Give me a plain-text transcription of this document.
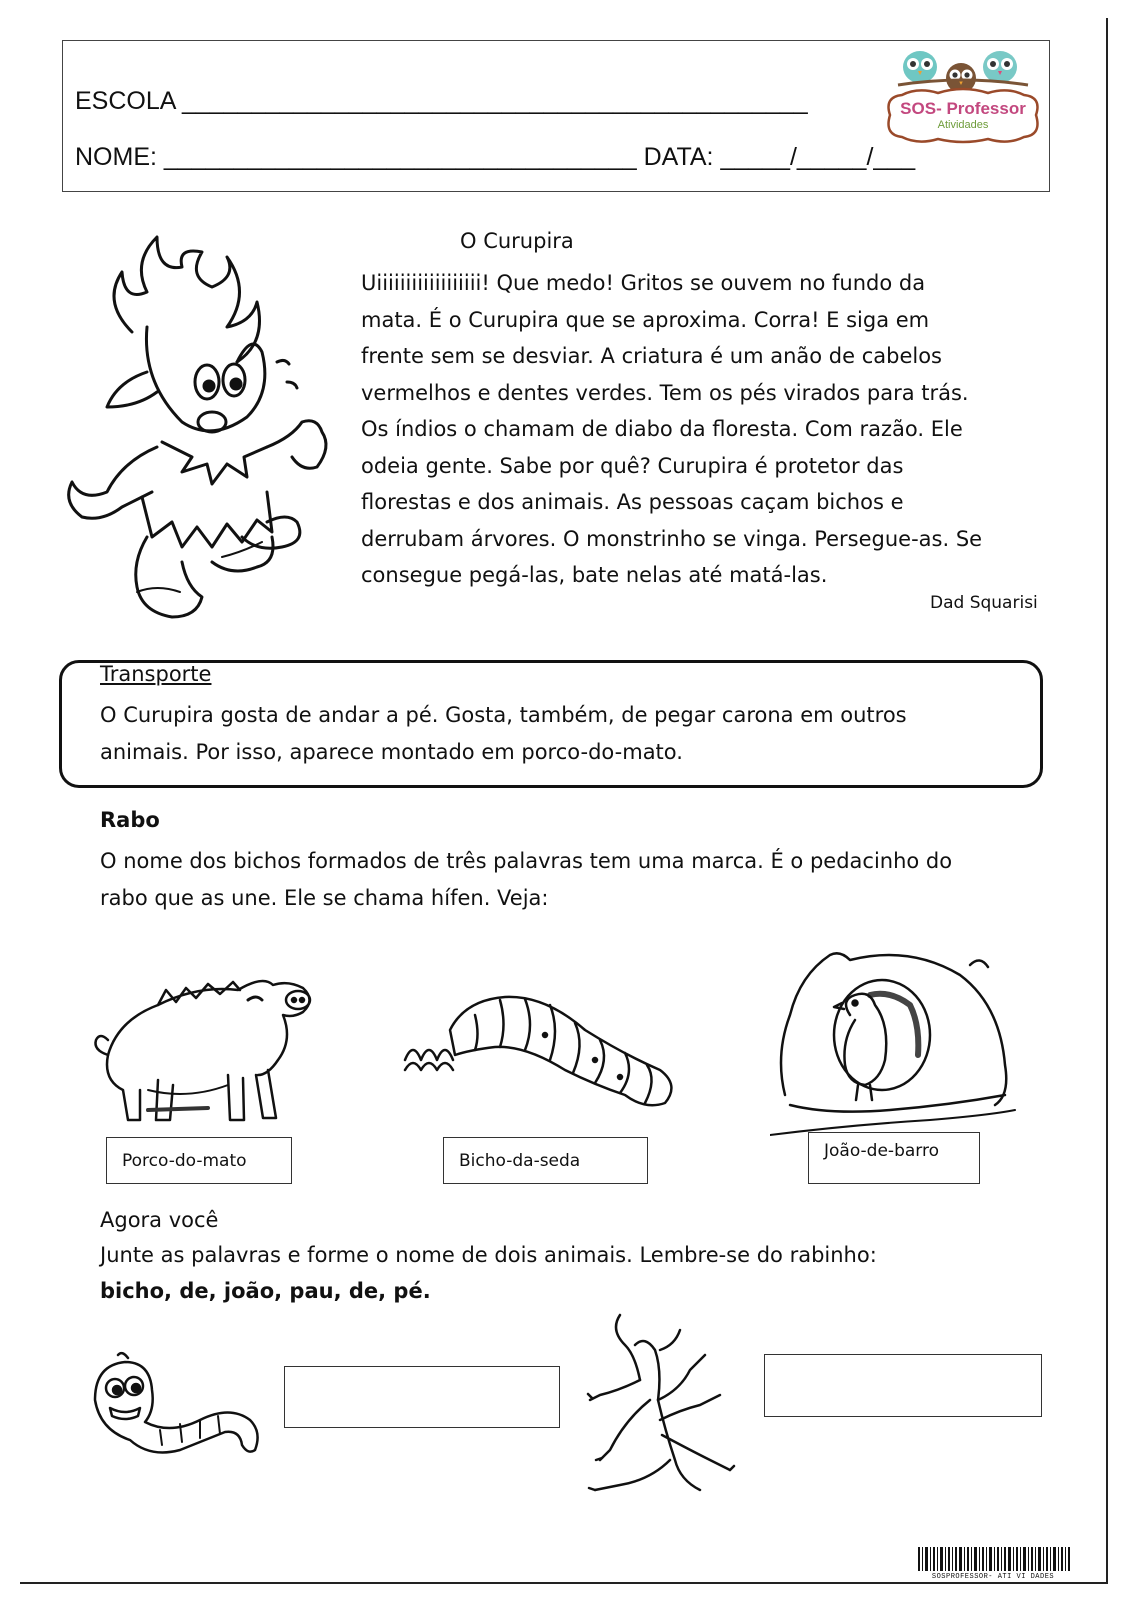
ESCOLA _____________________________________________
NOME: __________________________________ DATA: _____/_____/___
SOS- Professor
Atividades
O Curupira
Uiiiiiiiiiiiiiiiiii! Que medo! Gritos se ouvem no fundo da
mata. É o Curupira que se aproxima. Corra! E siga em
frente sem se desviar. A criatura é um anão de cabelos
vermelhos e dentes verdes. Tem os pés virados para trás.
Os índios o chamam de diabo da floresta. Com razão. Ele
odeia gente. Sabe por quê? Curupira é protetor das
florestas e dos animais. As pessoas caçam bichos e
derrubam árvores. O monstrinho se vinga. Persegue-as. Se
consegue pegá-las, bate nelas até matá-las.
Dad Squarisi
Transporte
O Curupira gosta de andar a pé. Gosta, também, de pegar carona em outros
animais. Por isso, aparece montado em porco-do-mato.
Rabo
O nome dos bichos formados de três palavras tem uma marca. É o pedacinho do
rabo que as une. Ele se chama hífen. Veja:
Porco-do-mato	Bicho-da-seda	João-de-barro
Agora você
Junte as palavras e forme o nome de dois animais. Lembre-se do rabinho:
bicho, de, joão, pau, de, pé.
SOSPROFESSOR- ATI VI DADES
